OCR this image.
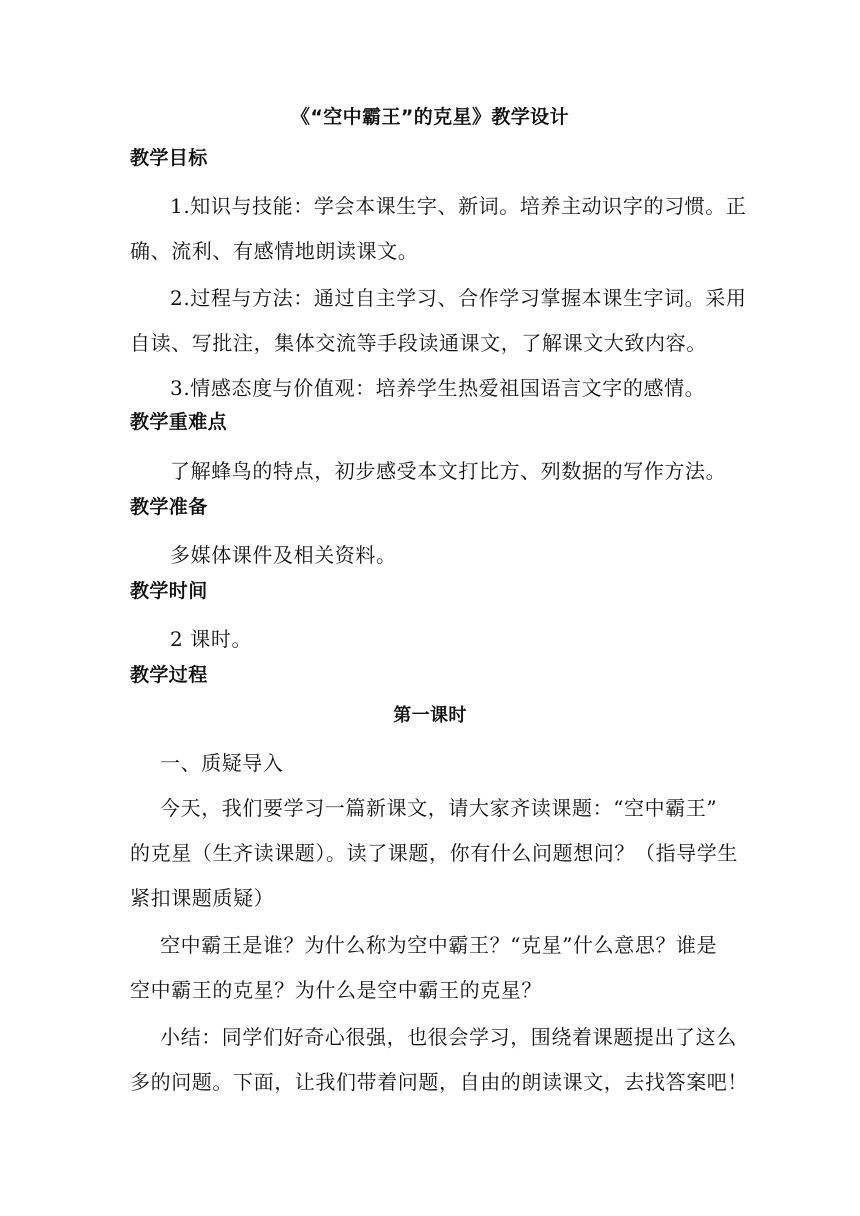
《“空中霸王”的克星》教学设计
教学目标
1.知识与技能：学会本课生字、新词。培养主动识字的习惯。正
确、流利、有感情地朗读课文。
2.过程与方法：通过自主学习、合作学习掌握本课生字词。采用
自读、写批注，集体交流等手段读通课文，了解课文大致内容。
3.情感态度与价值观：培养学生热爱祖国语言文字的感情。
教学重难点
了解蜂鸟的特点，初步感受本文打比方、列数据的写作方法。
教学准备
多媒体课件及相关资料。
教学时间
2 课时。
教学过程
第一课时
一、质疑导入
今天，我们要学习一篇新课文，请大家齐读课题：“空中霸王”
的克星（生齐读课题）。读了课题，你有什么问题想问？（指导学生
紧扣课题质疑）
空中霸王是谁？为什么称为空中霸王？“克星”什么意思？谁是
空中霸王的克星？为什么是空中霸王的克星？
小结：同学们好奇心很强，也很会学习，围绕着课题提出了这么
多的问题。下面，让我们带着问题，自由的朗读课文，去找答案吧！
